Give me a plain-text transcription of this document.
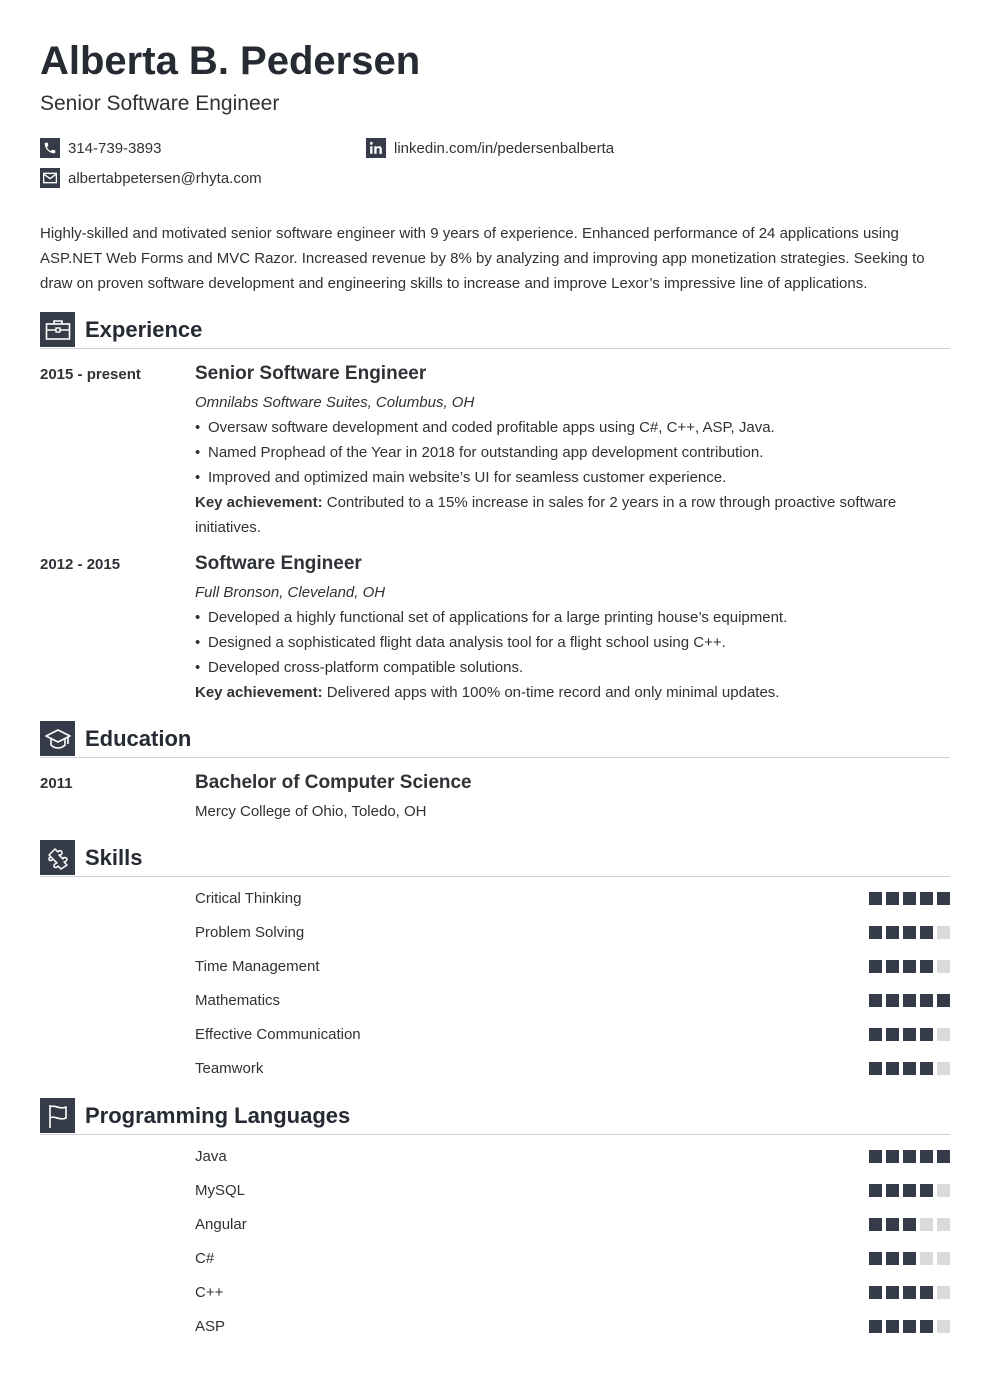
Alberta B. Pedersen
Senior Software Engineer
314-739-3893
albertabpetersen@rhyta.com
linkedin.com/in/pedersenbalberta

Highly-skilled and motivated senior software engineer with 9 years of experience. Enhanced performance of 24 applications using ASP.NET Web Forms and MVC Razor. Increased revenue by 8% by analyzing and improving app monetization strategies. Seeking to draw on proven software development and engineering skills to increase and improve Lexor’s impressive line of applications.

Experience
2015 - present	Senior Software Engineer
Omnilabs Software Suites, Columbus, OH
• Oversaw software development and coded profitable apps using C#, C++, ASP, Java.
• Named Prophead of the Year in 2018 for outstanding app development contribution.
• Improved and optimized main website’s UI for seamless customer experience.
Key achievement: Contributed to a 15% increase in sales for 2 years in a row through proactive software initiatives.
2012 - 2015	Software Engineer
Full Bronson, Cleveland, OH
• Developed a highly functional set of applications for a large printing house’s equipment.
• Designed a sophisticated flight data analysis tool for a flight school using C++.
• Developed cross-platform compatible solutions.
Key achievement: Delivered apps with 100% on-time record and only minimal updates.
Education
2011	Bachelor of Computer Science
Mercy College of Ohio, Toledo, OH
Skills
Critical Thinking
Problem Solving
Time Management
Mathematics
Effective Communication
Teamwork
Programming Languages
Java
MySQL
Angular
C#
C++
ASP
